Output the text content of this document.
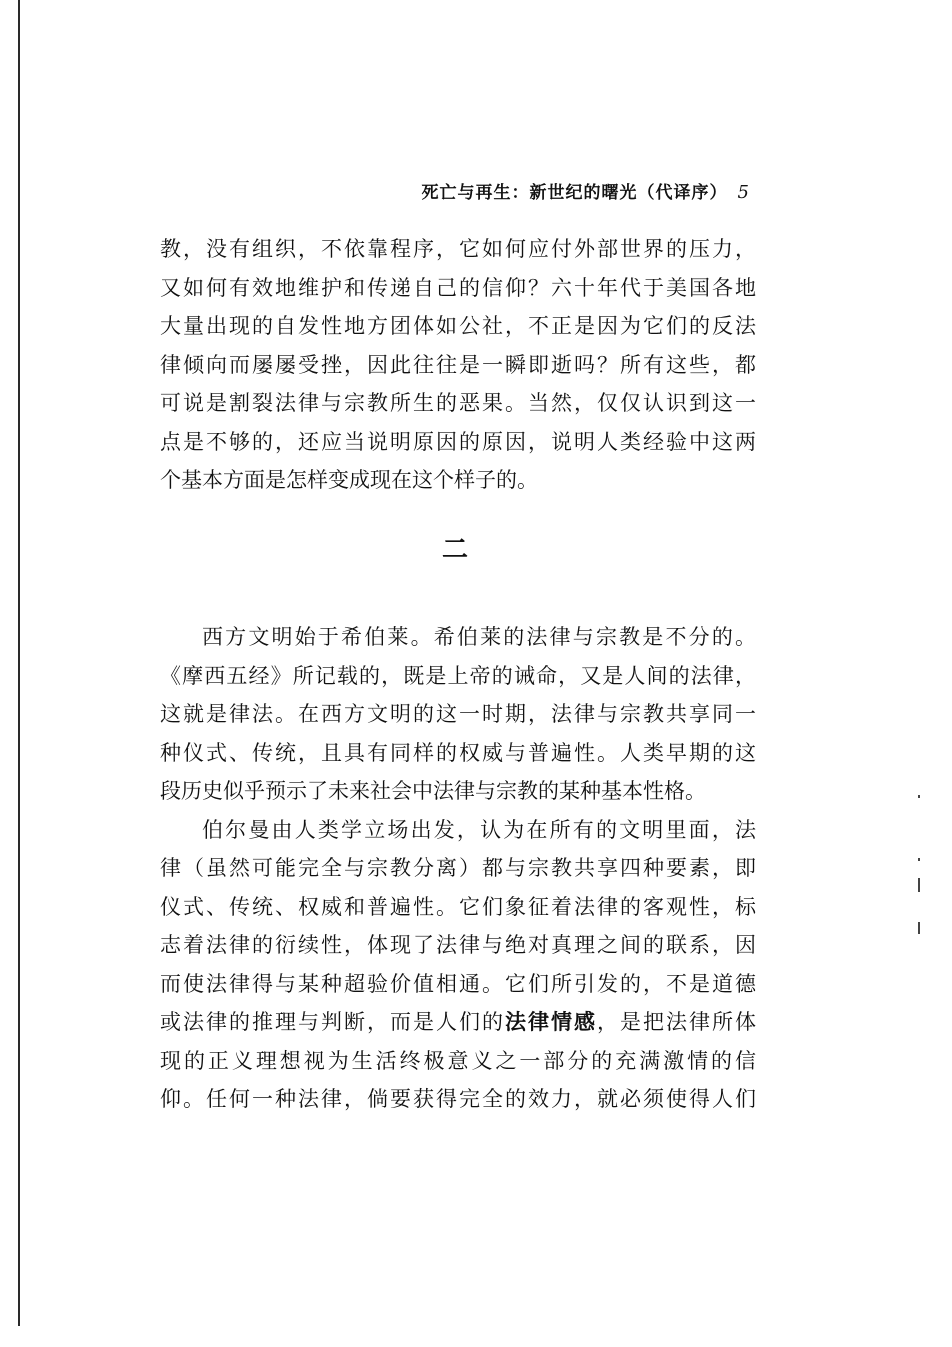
死亡与再生：新世纪的曙光（代译序） 5
教，没有组织，不依靠程序，它如何应付外部世界的压力，
又如何有效地维护和传递自己的信仰？六十年代于美国各地
大量出现的自发性地方团体如公社，不正是因为它们的反法
律倾向而屡屡受挫，因此往往是一瞬即逝吗？所有这些，都
可说是割裂法律与宗教所生的恶果。当然，仅仅认识到这一
点是不够的，还应当说明原因的原因，说明人类经验中这两
个基本方面是怎样变成现在这个样子的。
二
西方文明始于希伯莱。希伯莱的法律与宗教是不分的。
《摩西五经》所记载的，既是上帝的诫命，又是人间的法律，
这就是律法。在西方文明的这一时期，法律与宗教共享同一
种仪式、传统，且具有同样的权威与普遍性。人类早期的这
段历史似乎预示了未来社会中法律与宗教的某种基本性格。
伯尔曼由人类学立场出发，认为在所有的文明里面，法
律（虽然可能完全与宗教分离）都与宗教共享四种要素，即
仪式、传统、权威和普遍性。它们象征着法律的客观性，标
志着法律的衍续性，体现了法律与绝对真理之间的联系，因
而使法律得与某种超验价值相通。它们所引发的，不是道德
或法律的推理与判断，而是人们的法律情感，是把法律所体
现的正义理想视为生活终极意义之一部分的充满激情的信
仰。任何一种法律，倘要获得完全的效力，就必须使得人们
